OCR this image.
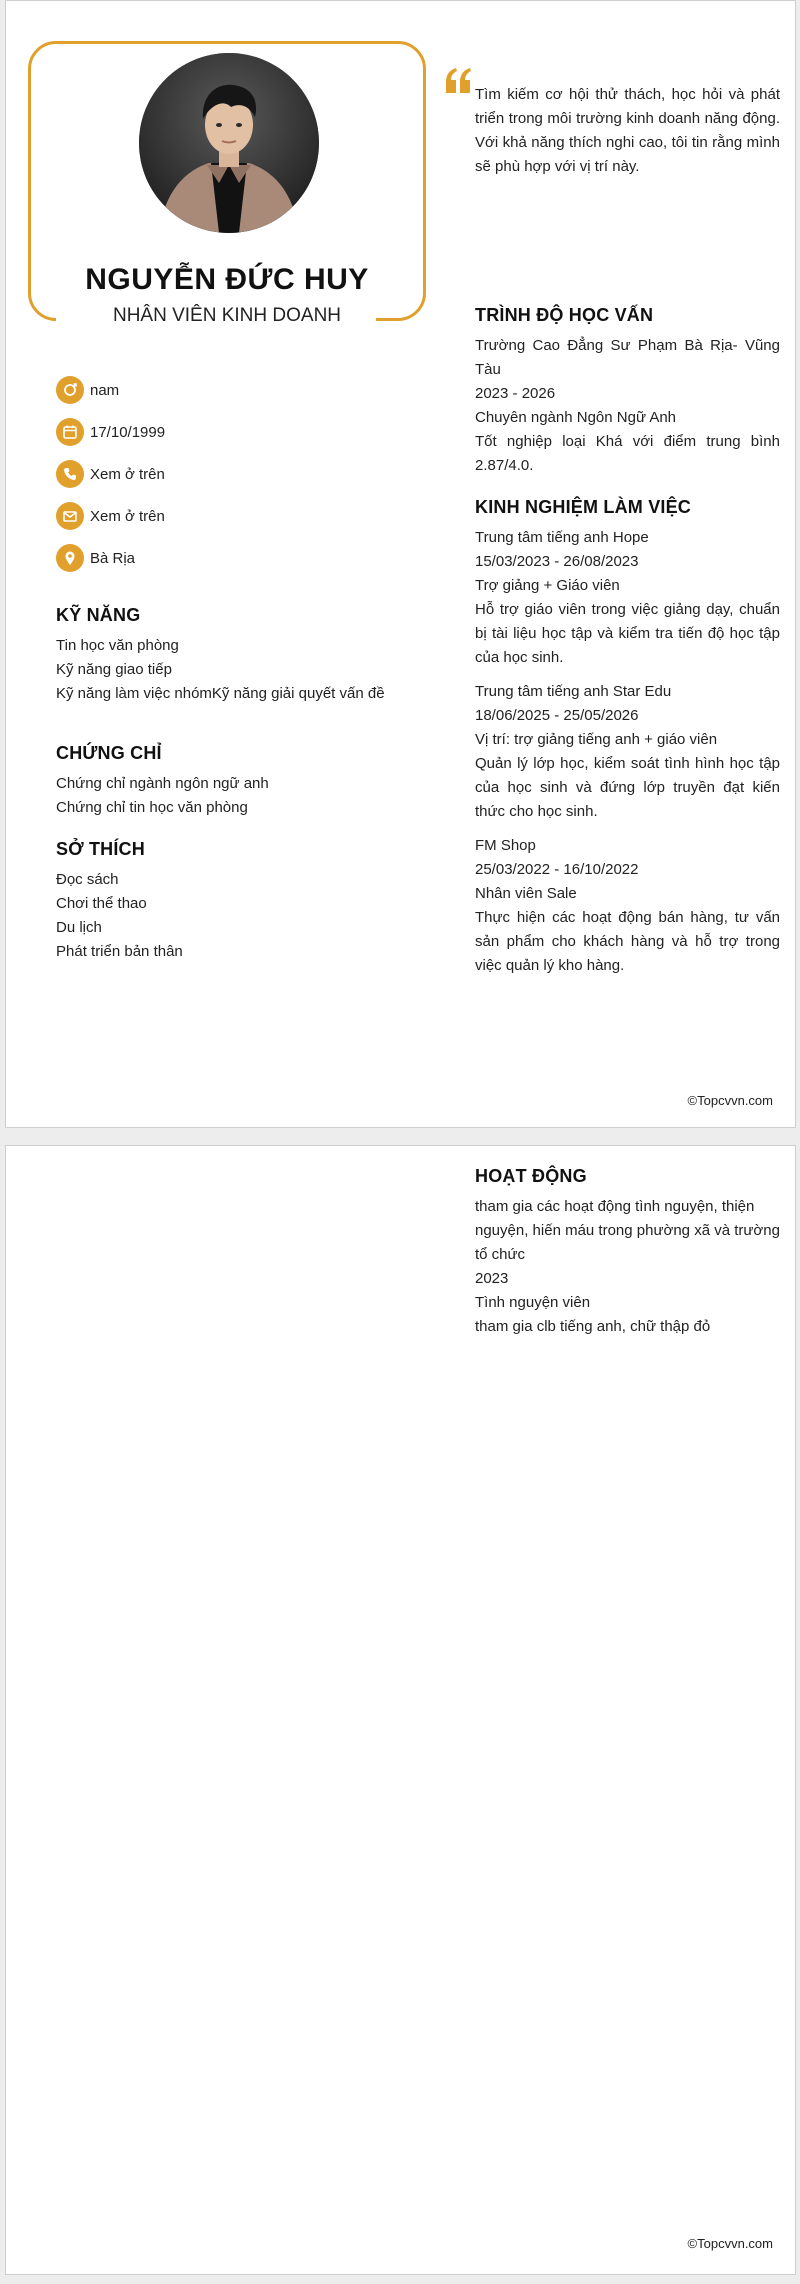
NGUYỄN ĐỨC HUY
NHÂN VIÊN KINH DOANH
Tìm kiếm cơ hội thử thách, học hỏi và phát triển trong môi trường kinh doanh năng động. Với khả năng thích nghi cao, tôi tin rằng mình sẽ phù hợp với vị trí này.
nam
17/10/1999
Xem ở trên
Xem ở trên
Bà Rịa
KỸ NĂNG
Tin học văn phòng
Kỹ năng giao tiếp
Kỹ năng làm việc nhómKỹ năng giải quyết vấn đề
CHỨNG CHỈ
Chứng chỉ ngành ngôn ngữ anh
Chứng chỉ tin học văn phòng
SỞ THÍCH
Đọc sách
Chơi thể thao
Du lịch
Phát triển bản thân
TRÌNH ĐỘ HỌC VẤN
Trường Cao Đẳng Sư Phạm Bà Rịa- Vũng Tàu
2023 - 2026
Chuyên ngành Ngôn Ngữ Anh
Tốt nghiệp loại Khá với điểm trung bình 2.87/4.0.
KINH NGHIỆM LÀM VIỆC
Trung tâm tiếng anh Hope
15/03/2023 - 26/08/2023
Trợ giảng + Giáo viên
Hỗ trợ giáo viên trong việc giảng dạy, chuẩn bị tài liệu học tập và kiểm tra tiến độ học tập của học sinh.
Trung tâm tiếng anh Star Edu
18/06/2025 - 25/05/2026
Vị trí: trợ giảng tiếng anh + giáo viên
Quản lý lớp học, kiểm soát tình hình học tập của học sinh và đứng lớp truyền đạt kiến thức cho học sinh.
FM Shop
25/03/2022 - 16/10/2022
Nhân viên Sale
Thực hiện các hoạt động bán hàng, tư vấn sản phẩm cho khách hàng và hỗ trợ trong việc quản lý kho hàng.
©Topcvvn.com
HOẠT ĐỘNG
tham gia các hoạt động tình nguyện, thiện nguyện, hiến máu trong phường xã và trường tổ chức
2023
Tình nguyện viên
tham gia clb tiếng anh, chữ thập đỏ
©Topcvvn.com
